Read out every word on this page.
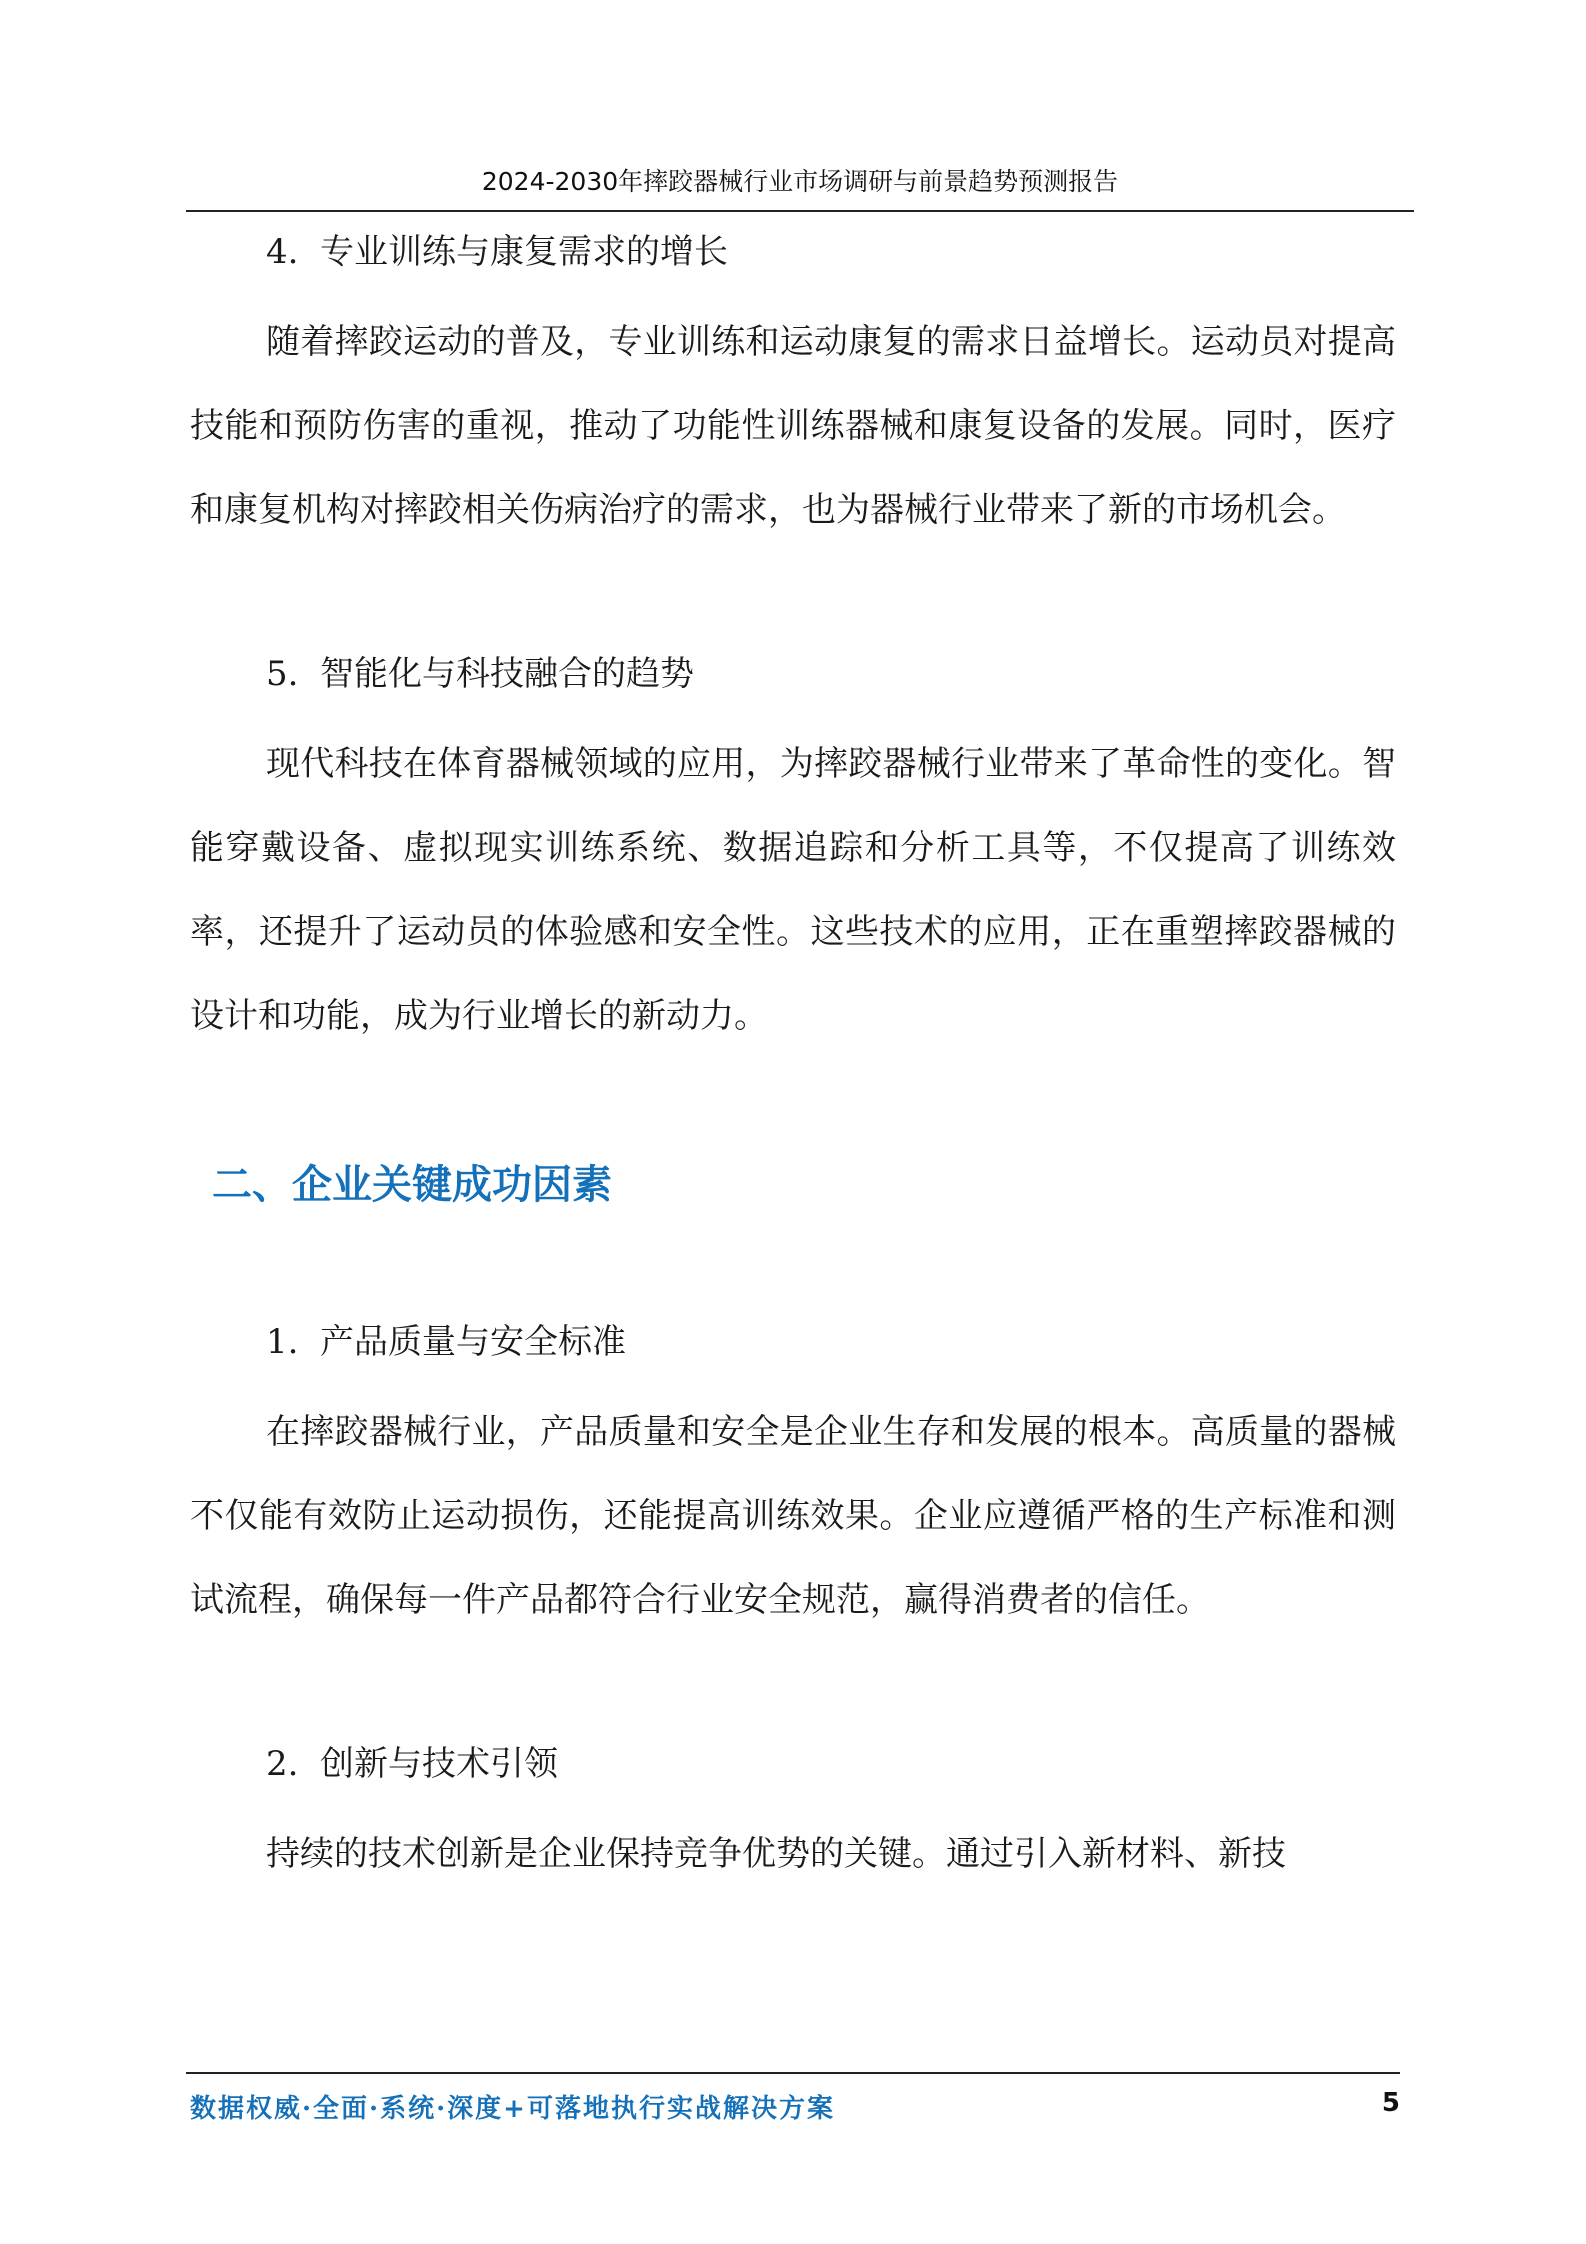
2024-2030年摔跤器械行业市场调研与前景趋势预测报告
4. 专业训练与康复需求的增长

随着摔跤运动的普及，专业训练和运动康复的需求日益增长。运动员对提高技能和预防伤害的重视，推动了功能性训练器械和康复设备的发展。同时，医疗和康复机构对摔跤相关伤病治疗的需求，也为器械行业带来了新的市场机会。

5. 智能化与科技融合的趋势

现代科技在体育器械领域的应用，为摔跤器械行业带来了革命性的变化。智能穿戴设备、虚拟现实训练系统、数据追踪和分析工具等，不仅提高了训练效率，还提升了运动员的体验感和安全性。这些技术的应用，正在重塑摔跤器械的设计和功能，成为行业增长的新动力。

二、企业关键成功因素
1. 产品质量与安全标准

在摔跤器械行业，产品质量和安全是企业生存和发展的根本。高质量的器械不仅能有效防止运动损伤，还能提高训练效果。企业应遵循严格的生产标准和测试流程，确保每一件产品都符合行业安全规范，赢得消费者的信任。

2. 创新与技术引领

持续的技术创新是企业保持竞争优势的关键。通过引入新材料、新技

数据权威·全面·系统·深度+可落地执行实战解决方案	5
